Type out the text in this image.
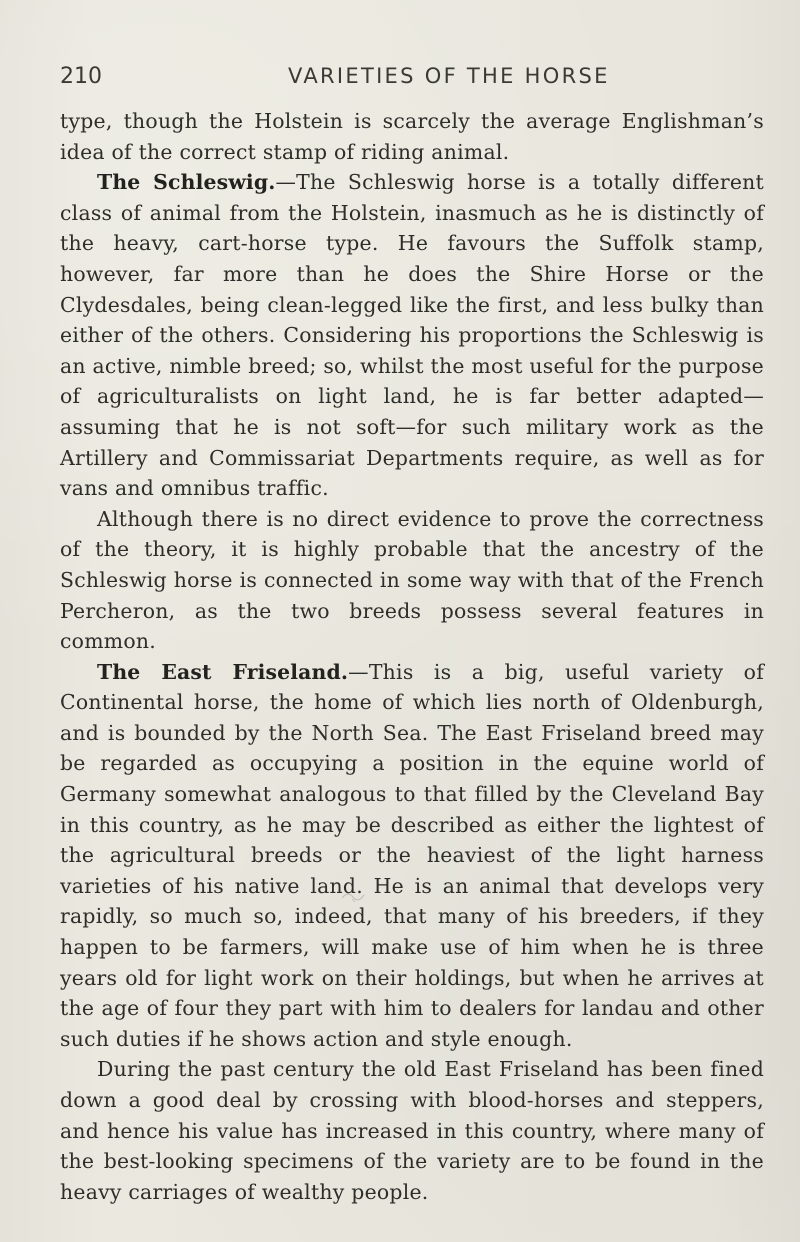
210	VARIETIES OF THE HORSE

type, though the Holstein is scarcely the average Englishman’s idea of the correct stamp of riding animal.

The Schleswig.—The Schleswig horse is a totally different class of animal from the Holstein, inasmuch as he is distinctly of the heavy, cart-horse type. He favours the Suffolk stamp, however, far more than he does the Shire Horse or the Clydesdales, being clean-legged like the first, and less bulky than either of the others. Considering his proportions the Schleswig is an active, nimble breed; so, whilst the most useful for the purpose of agriculturalists on light land, he is far better adapted—assuming that he is not soft—for such military work as the Artillery and Commissariat Departments require, as well as for vans and omnibus traffic.

Although there is no direct evidence to prove the correctness of the theory, it is highly probable that the ancestry of the Schleswig horse is connected in some way with that of the French Percheron, as the two breeds possess several features in common.

The East Friseland.—This is a big, useful variety of Continental horse, the home of which lies north of Oldenburgh, and is bounded by the North Sea. The East Friseland breed may be regarded as occupying a position in the equine world of Germany somewhat analogous to that filled by the Cleveland Bay in this country, as he may be described as either the lightest of the agricultural breeds or the heaviest of the light harness varieties of his native land. He is an animal that develops very rapidly, so much so, indeed, that many of his breeders, if they happen to be farmers, will make use of him when he is three years old for light work on their holdings, but when he arrives at the age of four they part with him to dealers for landau and other such duties if he shows action and style enough.

During the past century the old East Friseland has been fined down a good deal by crossing with blood-horses and steppers, and hence his value has increased in this country, where many of the best-looking specimens of the variety are to be found in the heavy carriages of wealthy people.
